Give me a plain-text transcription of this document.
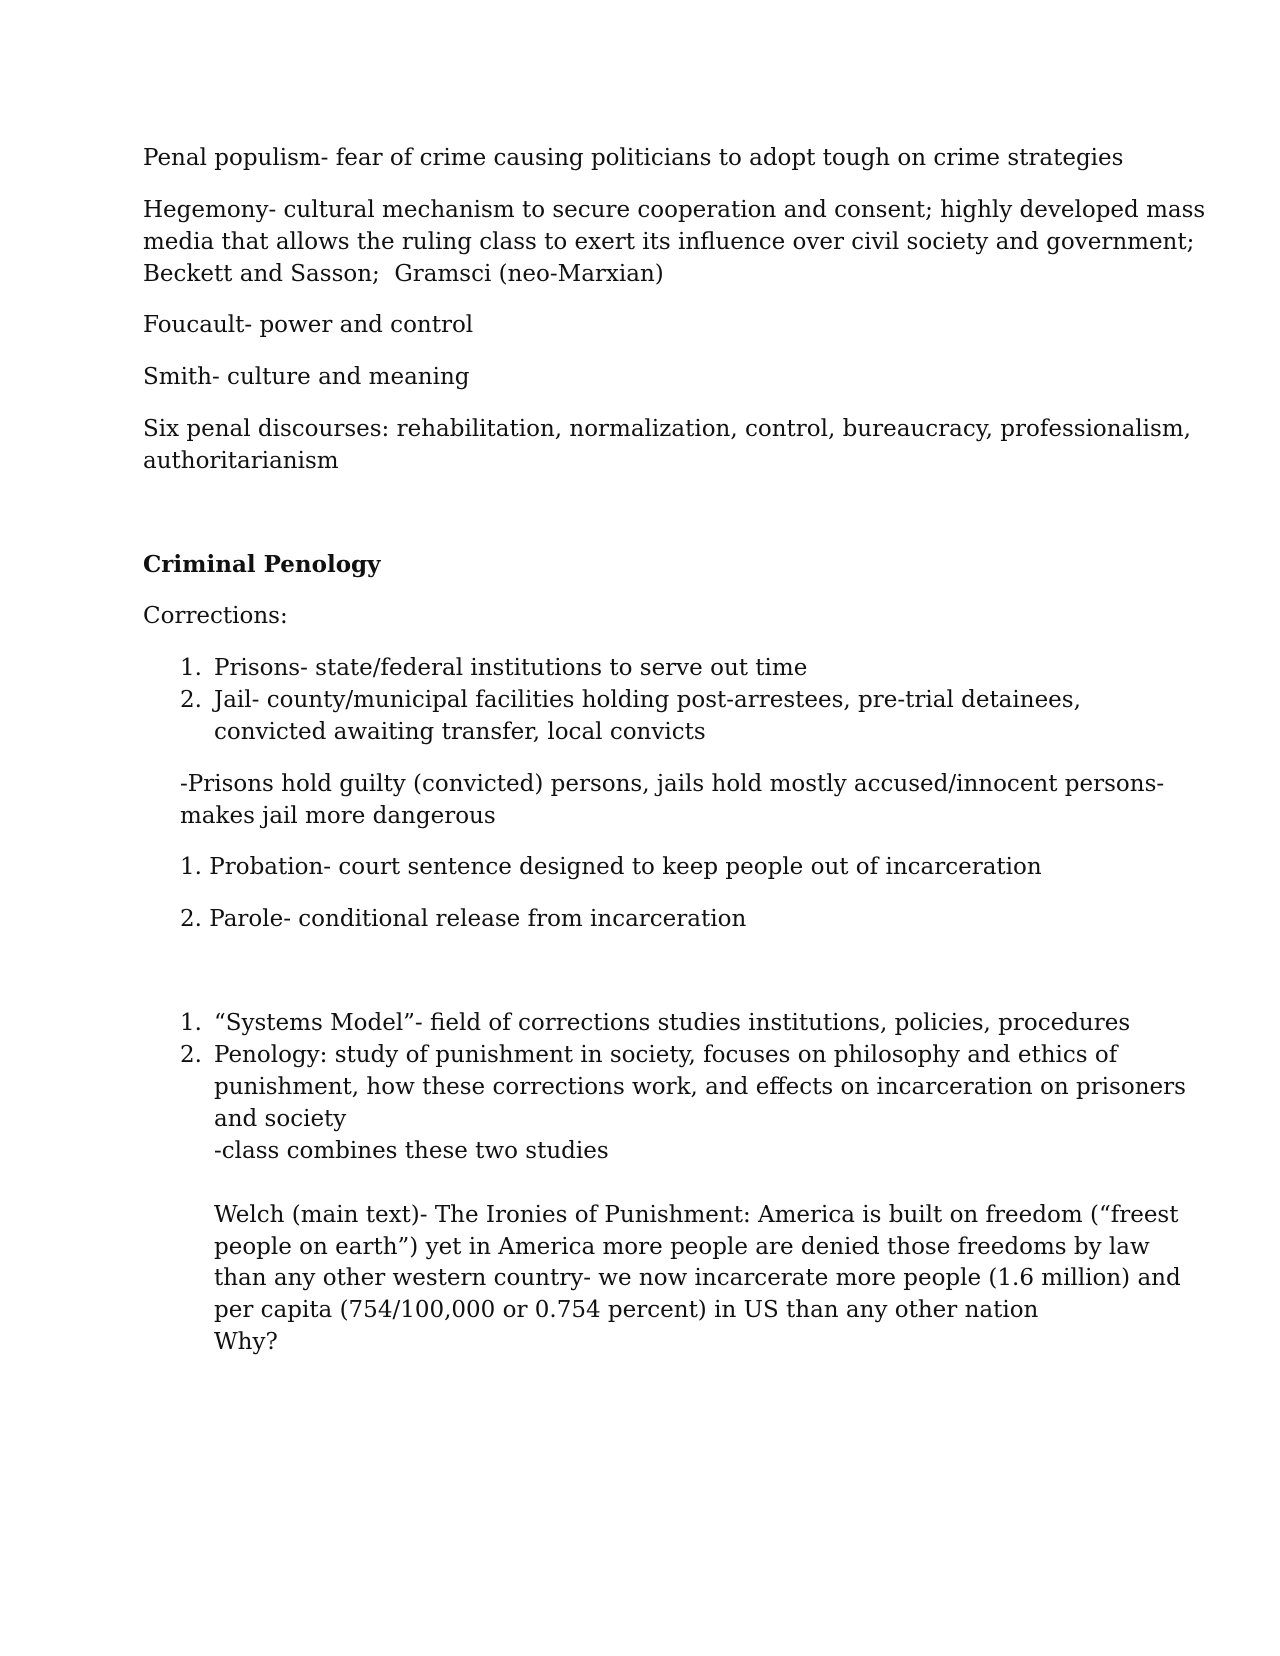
Penal populism- fear of crime causing politicians to adopt tough on crime strategies

Hegemony- cultural mechanism to secure cooperation and consent; highly developed mass

media that allows the ruling class to exert its influence over civil society and government;

Beckett and Sasson;  Gramsci (neo-Marxian)

Foucault- power and control

Smith- culture and meaning

Six penal discourses: rehabilitation, normalization, control, bureaucracy, professionalism,

authoritarianism

Criminal Penology

Corrections:

1. Prisons- state/federal institutions to serve out time

2. Jail- county/municipal facilities holding post-arrestees, pre-trial detainees,

convicted awaiting transfer, local convicts

-Prisons hold guilty (convicted) persons, jails hold mostly accused/innocent persons-

makes jail more dangerous

1. Probation- court sentence designed to keep people out of incarceration

2. Parole- conditional release from incarceration

1. “Systems Model”- field of corrections studies institutions, policies, procedures

2. Penology: study of punishment in society, focuses on philosophy and ethics of

punishment, how these corrections work, and effects on incarceration on prisoners

and society

-class combines these two studies

Welch (main text)- The Ironies of Punishment: America is built on freedom (“freest

people on earth”) yet in America more people are denied those freedoms by law

than any other western country- we now incarcerate more people (1.6 million) and

per capita (754/100,000 or 0.754 percent) in US than any other nation

Why?
